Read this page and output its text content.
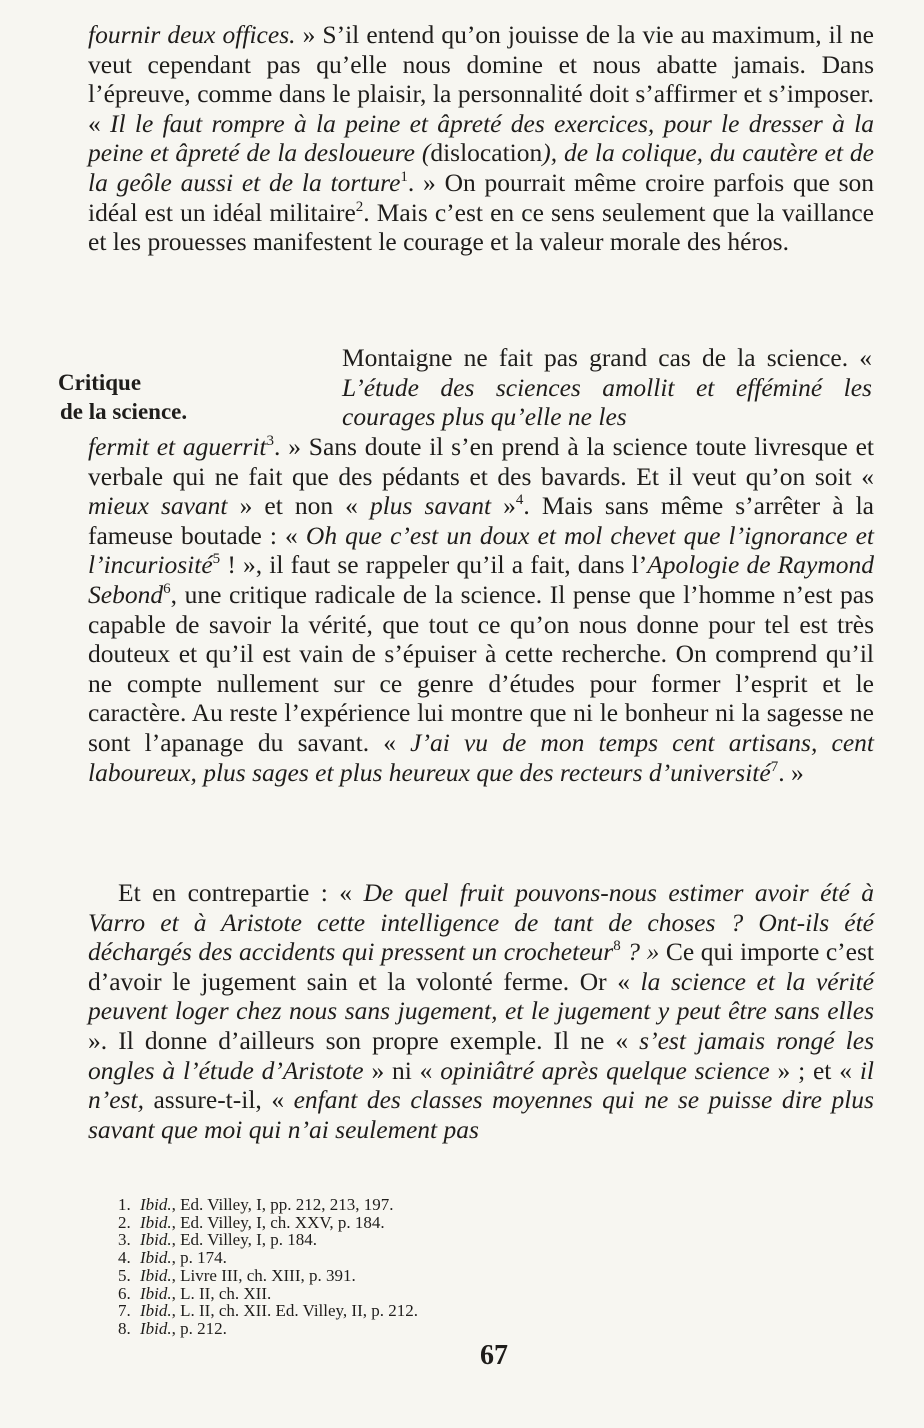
fournir deux offices. » S’il entend qu’on jouisse de la vie au maximum, il ne veut cependant pas qu’elle nous domine et nous abatte jamais. Dans l’épreuve, comme dans le plaisir, la personnalité doit s’affirmer et s’imposer. « Il le faut rompre à la peine et âpreté des exercices, pour le dresser à la peine et âpreté de la desloueure (dislocation), de la colique, du cautère et de la geôle aussi et de la torture$^1$. » On pourrait même croire parfois que son idéal est un idéal militaire$^2$. Mais c’est en ce sens seulement que la vaillance et les prouesses manifestent le courage et la valeur morale des héros.

Critique
de la science.

Montaigne ne fait pas grand cas de la science. « L’étude des sciences amollit et efféminé les courages plus qu’elle ne les

fermit et aguerrit$^3$. » Sans doute il s’en prend à la science toute livresque et verbale qui ne fait que des pédants et des bavards. Et il veut qu’on soit « mieux savant » et non « plus savant »$^4$. Mais sans même s’arrêter à la fameuse boutade : « Oh que c’est un doux et mol chevet que l’ignorance et l’incuriosité$^5$ ! », il faut se rappeler qu’il a fait, dans l’Apologie de Raymond Sebond$^6$, une critique radicale de la science. Il pense que l’homme n’est pas capable de savoir la vérité, que tout ce qu’on nous donne pour tel est très douteux et qu’il est vain de s’épuiser à cette recherche. On comprend qu’il ne compte nullement sur ce genre d’études pour former l’esprit et le caractère. Au reste l’expérience lui montre que ni le bonheur ni la sagesse ne sont l’apanage du savant. « J’ai vu de mon temps cent artisans, cent laboureux, plus sages et plus heureux que des recteurs d’université$^7$. »

Et en contrepartie : « De quel fruit pouvons-nous estimer avoir été à Varro et à Aristote cette intelligence de tant de choses ? Ont-ils été déchargés des accidents qui pressent un crocheteur$^8$ ? » Ce qui importe c’est d’avoir le jugement sain et la volonté ferme. Or « la science et la vérité peuvent loger chez nous sans jugement, et le jugement y peut être sans elles ». Il donne d’ailleurs son propre exemple. Il ne « s’est jamais rongé les ongles à l’étude d’Aristote » ni « opiniâtré après quelque science » ; et « il n’est, assure-t-il, « enfant des classes moyennes qui ne se puisse dire plus savant que moi qui n’ai seulement pas

1. Ibid., Ed. Villey, I, pp. 212, 213, 197.
2. Ibid., Ed. Villey, I, ch. XXV, p. 184.
3. Ibid., Ed. Villey, I, p. 184.
4. Ibid., p. 174.
5. Ibid., Livre III, ch. XIII, p. 391.
6. Ibid., L. II, ch. XII.
7. Ibid., L. II, ch. XII. Ed. Villey, II, p. 212.
8. Ibid., p. 212.
67
